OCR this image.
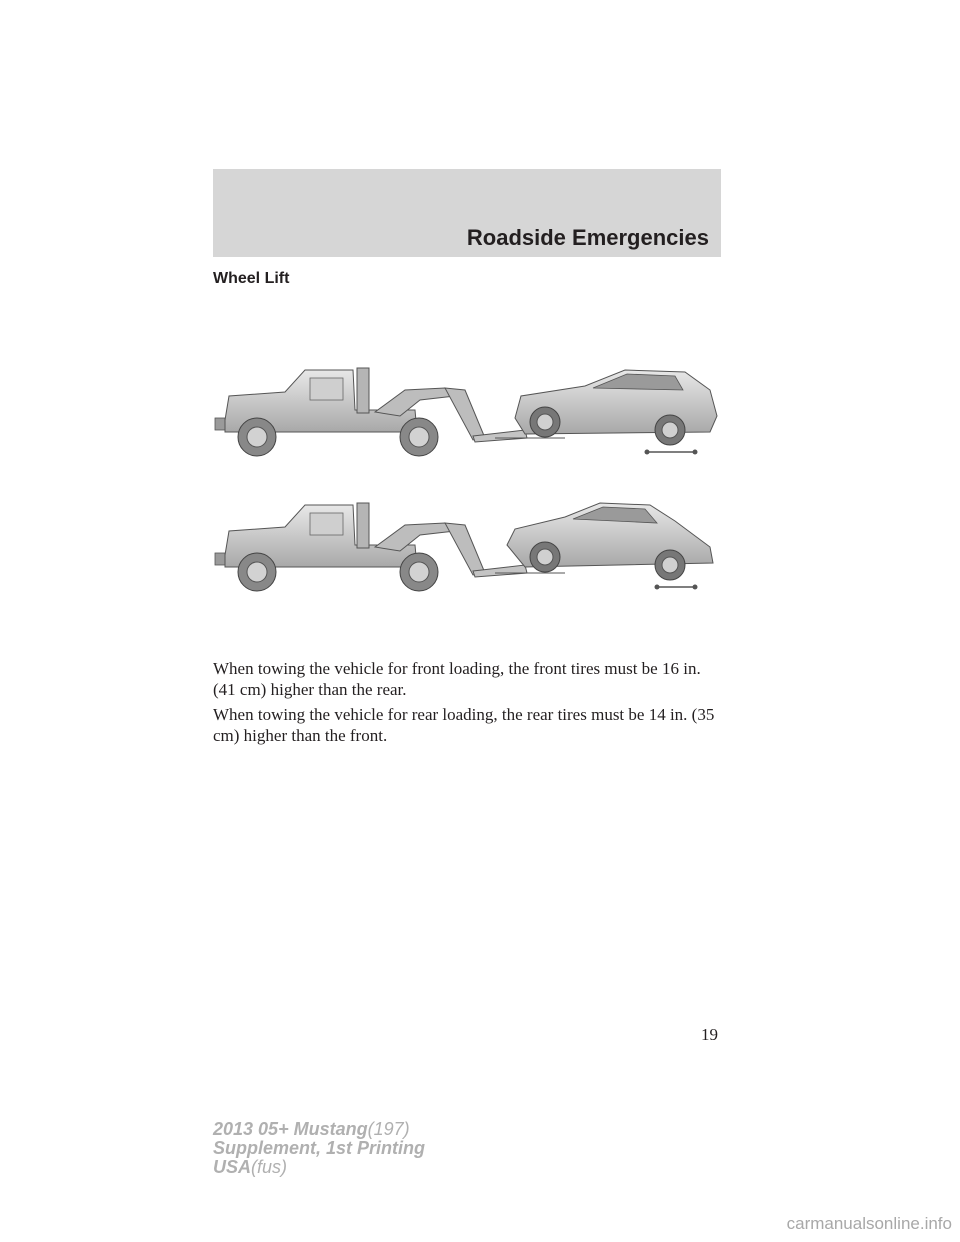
Roadside Emergencies
Wheel Lift

When towing the vehicle for front loading, the front tires must be 16 in. (41 cm) higher than the rear.

When towing the vehicle for rear loading, the rear tires must be 14 in. (35 cm) higher than the front.

19
2013 05+ Mustang(197)
Supplement, 1st Printing
USA(fus)
carmanualsonline.info
